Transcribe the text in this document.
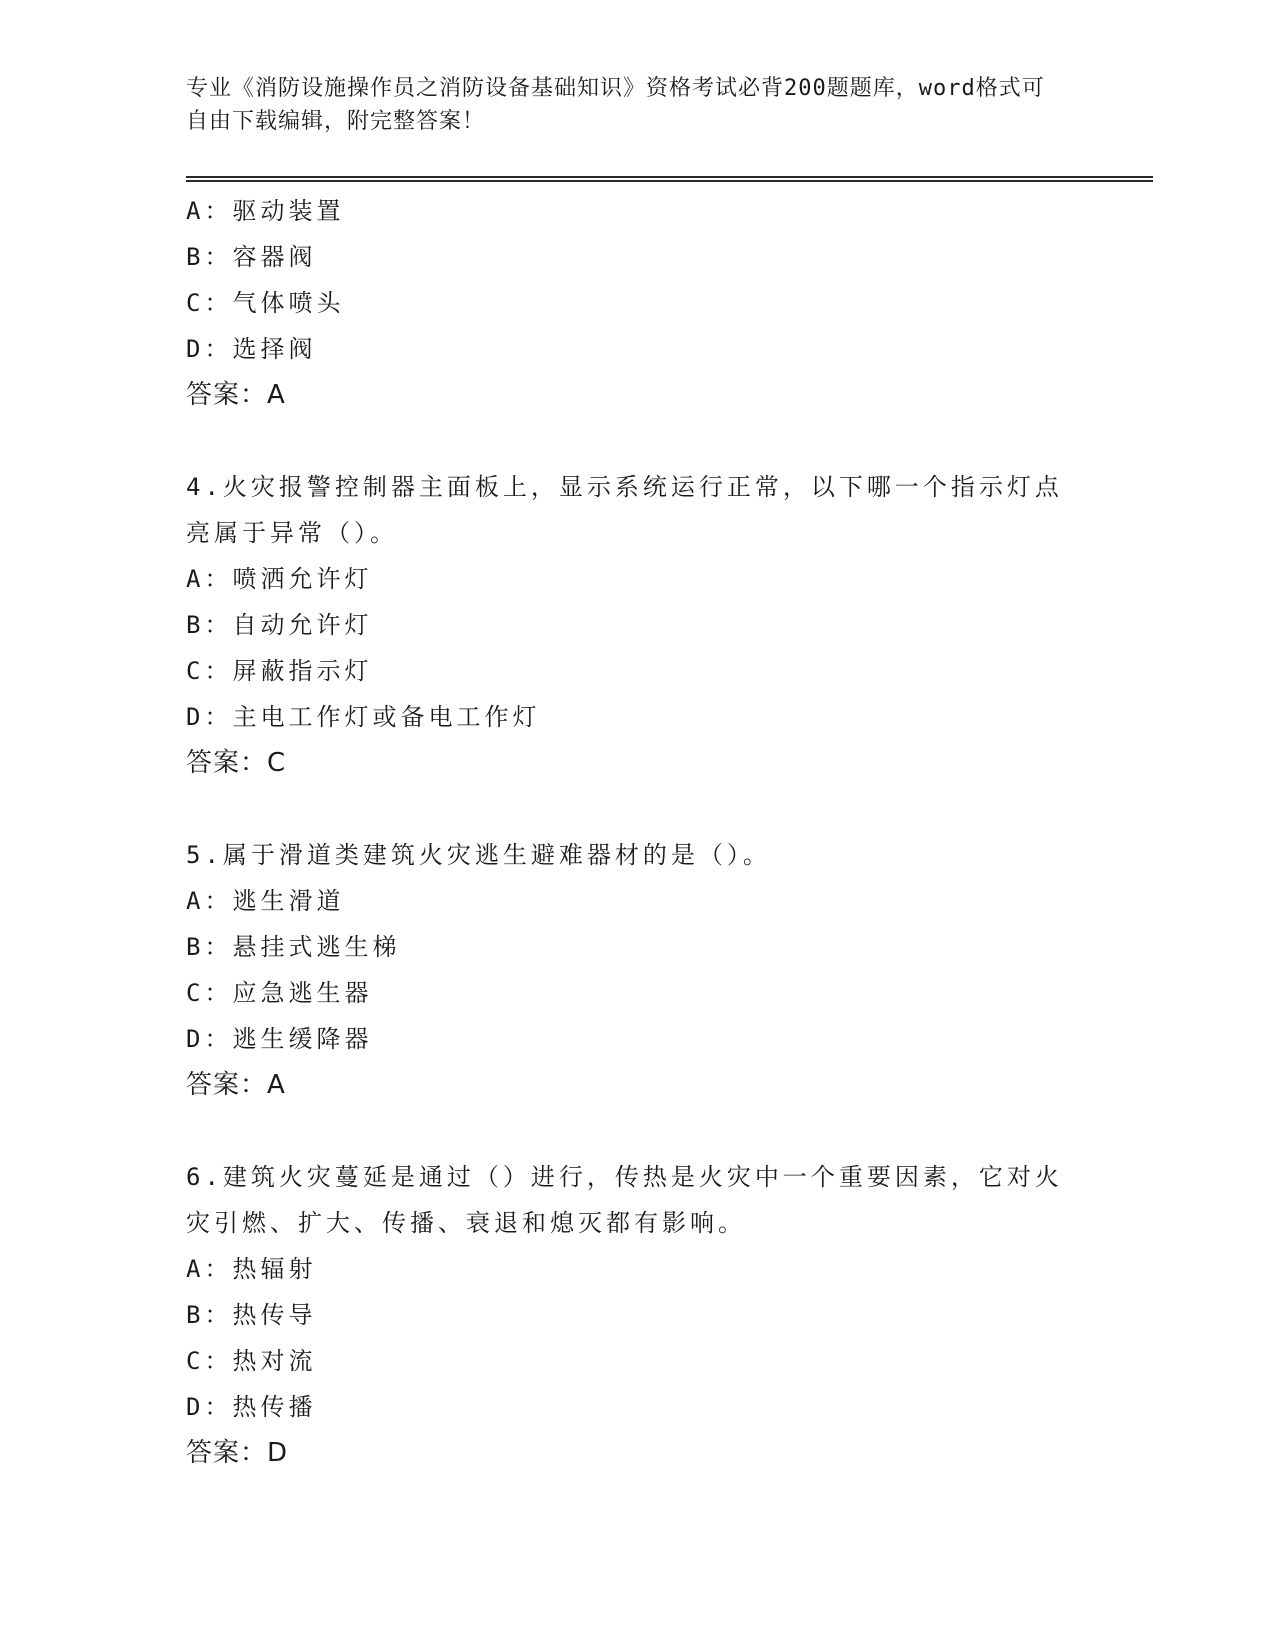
专业《消防设施操作员之消防设备基础知识》资格考试必背200题题库，word格式可自由下载编辑，附完整答案！
A：驱动装置
B：容器阀
C：气体喷头
D：选择阀
答案：A
4.火灾报警控制器主面板上，显示系统运行正常，以下哪一个指示灯点亮属于异常（）。
A：喷洒允许灯
B：自动允许灯
C：屏蔽指示灯
D：主电工作灯或备电工作灯
答案：C
5.属于滑道类建筑火灾逃生避难器材的是（）。
A：逃生滑道
B：悬挂式逃生梯
C：应急逃生器
D：逃生缓降器
答案：A
6.建筑火灾蔓延是通过（）进行，传热是火灾中一个重要因素，它对火灾引燃、扩大、传播、衰退和熄灭都有影响。
A：热辐射
B：热传导
C：热对流
D：热传播
答案：D
